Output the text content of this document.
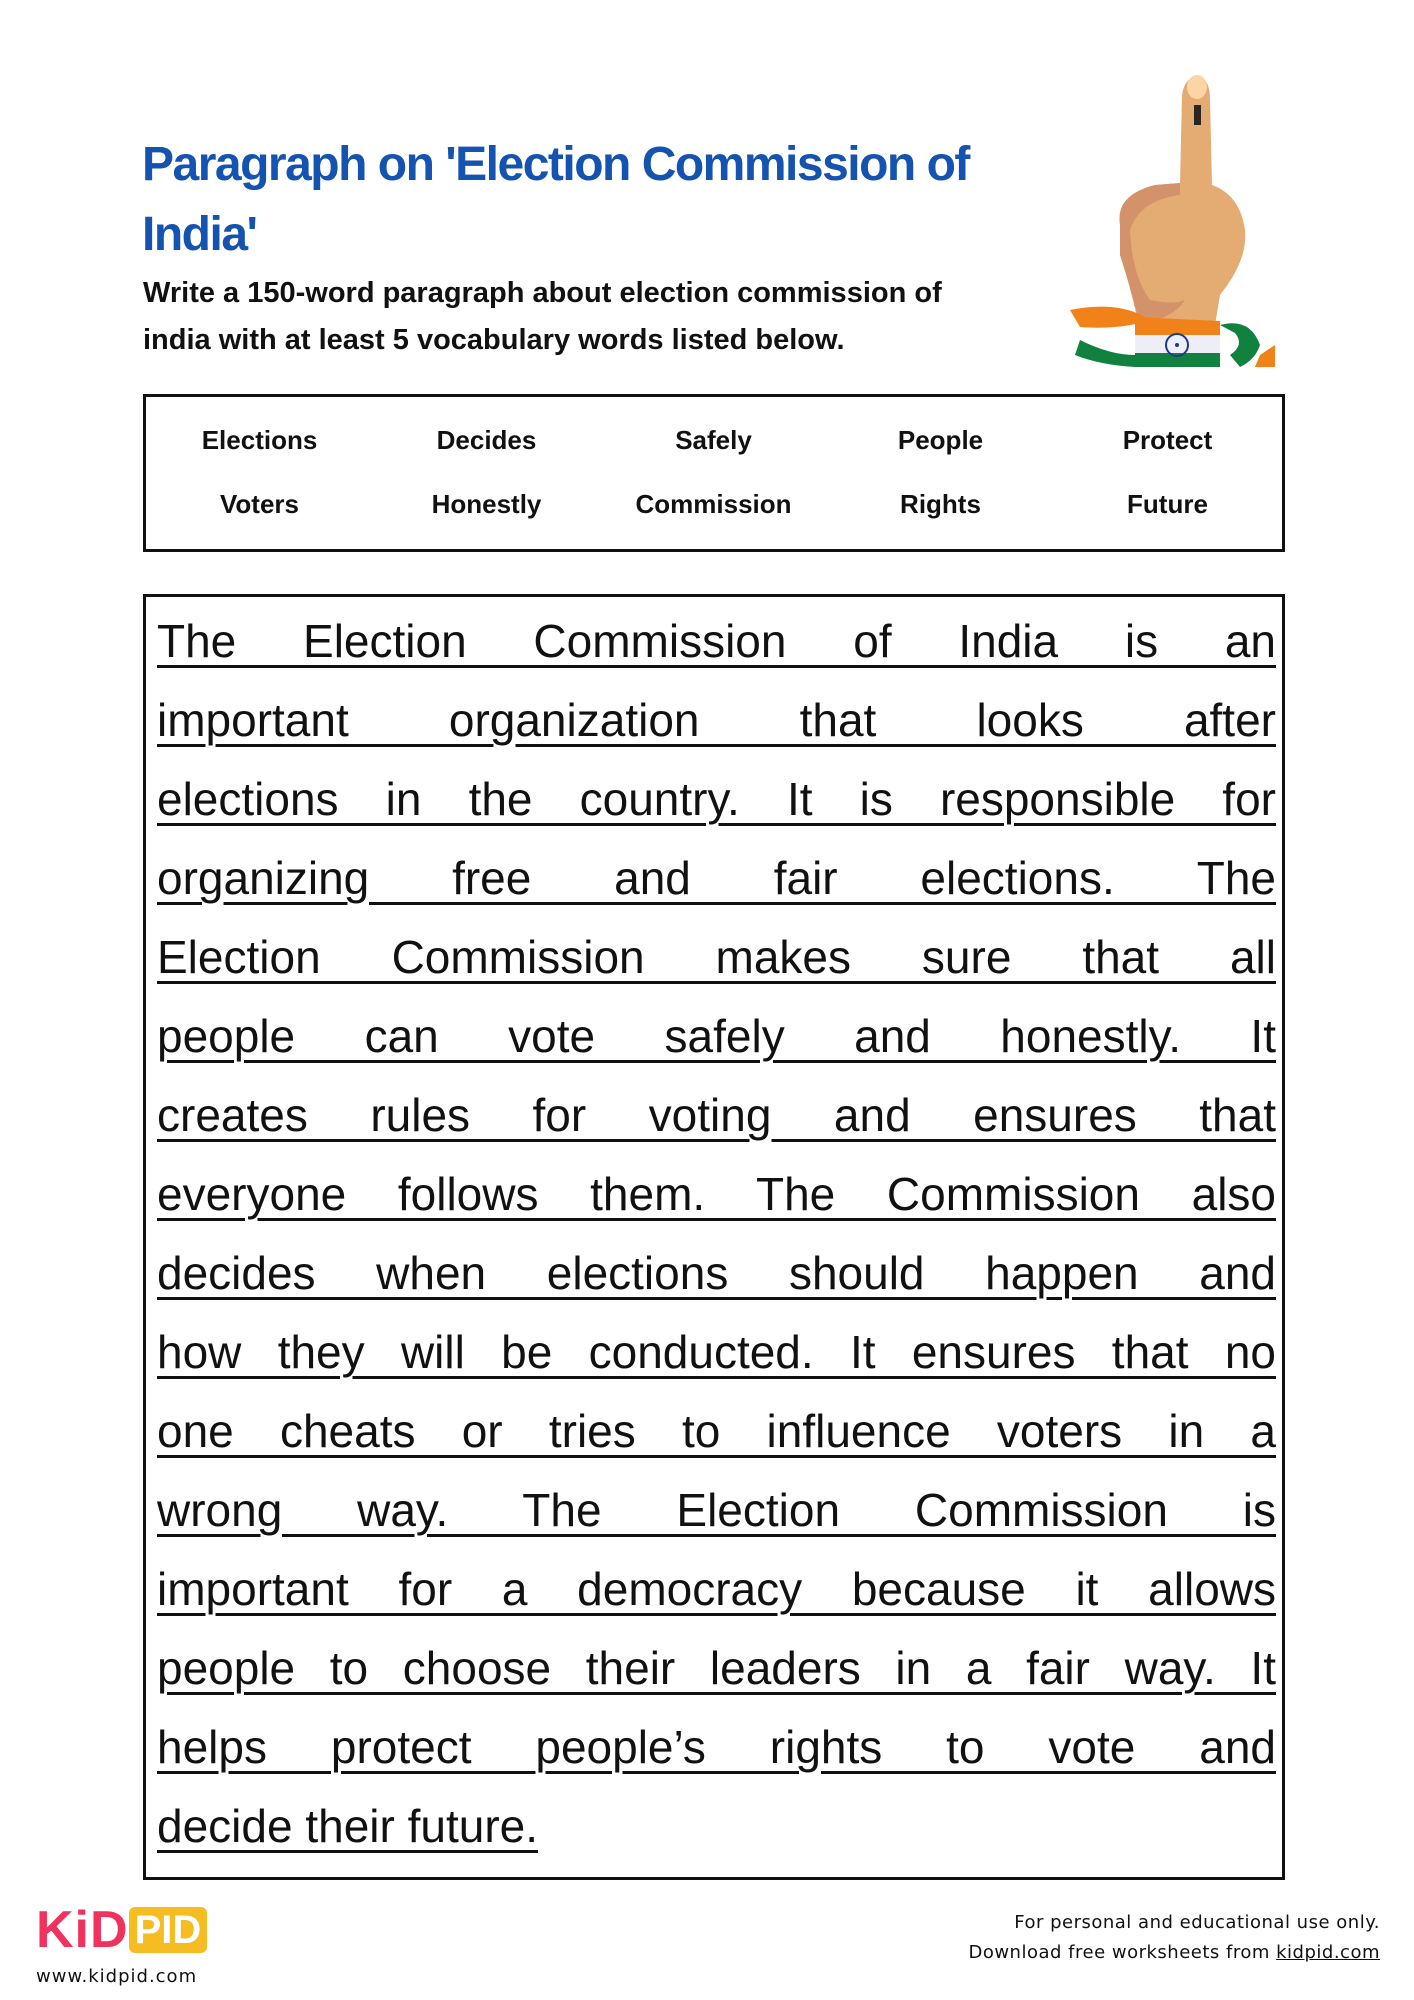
Paragraph on 'Election Commission of
India'
Write a 150-word paragraph about election commission of
india with at least 5 vocabulary words listed below.
Elections	Decides	Safely	People	Protect
Voters	Honestly	Commission	Rights	Future
The Election Commission of India is an
important organization that looks after
elections in the country. It is responsible for
organizing free and fair elections. The
Election Commission makes sure that all
people can vote safely and honestly. It
creates rules for voting and ensures that
everyone follows them. The Commission also
decides when elections should happen and
how they will be conducted. It ensures that no
one cheats or tries to influence voters in a
wrong way. The Election Commission is
important for a democracy because it allows
people to choose their leaders in a fair way. It
helps protect people’s rights to vote and
decide their future.
KiD PID
www.kidpid.com
For personal and educational use only.
Download free worksheets from kidpid.com
